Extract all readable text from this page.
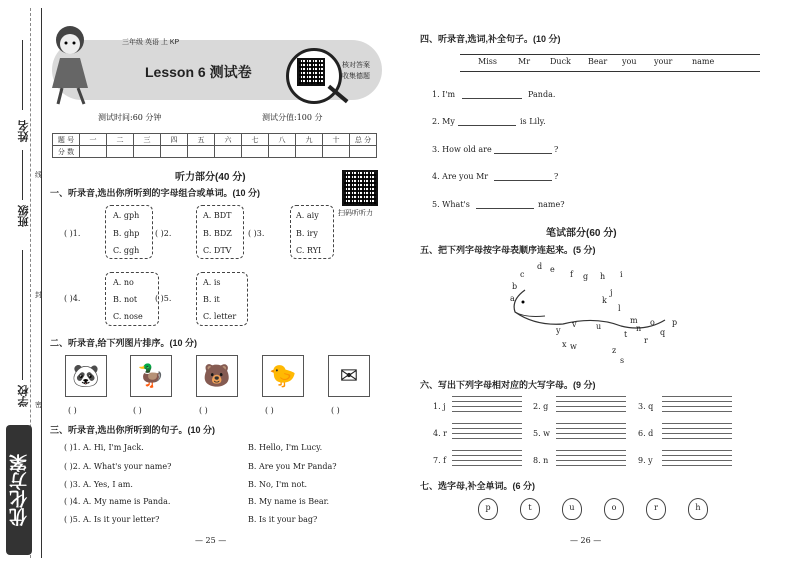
姓名
班级
学校
线
封
密
优化方案
三年级 英语 上 KP
Lesson 6 测试卷	核对答案
收集德题
测试时间:60 分钟	测试分值:100 分
题 号	一	二	三	四	五	六	七	八	九	十	总 分
分 数											
听力部分(40 分)
扫码听听力
一、听录音,选出你所听到的字母组合或单词。(10 分)
( )1.
A. gph
B. ghp
C. ggh
( )2.
A. BDT
B. BDZ
C. DTV
( )3.
A. aiy
B. iry
C. RYI
( )4.
A. no
B. not
C. nose
( )5.
A. is
B. it
C. letter
二、听录音,给下列图片排序。(10 分)
🐼	🦆	🐻	🐤	✉
( )	( )	( )	( )	( )
三、听录音,选出你所听到的句子。(10 分)
( )1. A. Hi, I'm Jack.	B. Hello, I'm Lucy.
( )2. A. What's your name?	B. Are you Mr Panda?
( )3. A. Yes, I am.	B. No, I'm not.
( )4. A. My name is Panda.	B. My name is Bear.
( )5. A. Is it your letter?	B. Is it your bag?
— 25 —
四、听录音,选词,补全句子。(10 分)
Miss	Mr Duck Bear you your name
1. I'm	Panda.
2. My	is Lily.
3. How old are	?
4. Are you Mr	?
5. What's	name?
笔试部分(60 分)
五、把下列字母按字母表顺序连起来。(5 分)
d e
f g h i
c
b
a
j
k
l
m
n
o p
q
r
s
t
u
v
w
x
y
z
六、写出下列字母相对应的大写字母。(9 分)
1. j	2. g	3. q
4. r	5. w	6. d
7. f	8. n	9. y
七、选字母,补全单词。(6 分)
p	t	u	o	r	h
— 26 —
